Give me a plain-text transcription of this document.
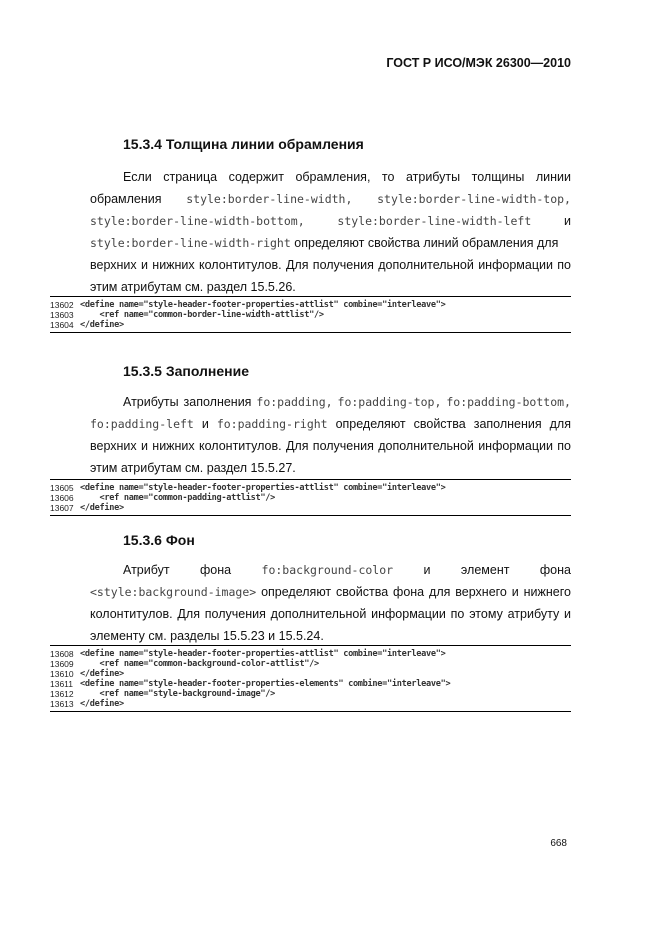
ГОСТ Р ИСО/МЭК 26300—2010
15.3.4 Толщина линии обрамления
Если страница содержит обрамления, то атрибуты толщины линии
обрамления style:border-line-width, style:border-line-width-top,
style:border-line-width-bottom,	style:border-line-width-left	и
style:border-line-width-right определяют свойства линий обрамления для
верхних и нижних колонтитулов. Для получения дополнительной информации по
этим атрибутам см. раздел 15.5.26.
13602 <define name="style-header-footer-properties-attlist" combine="interleave">
13603 <ref name="common-border-line-width-attlist"/>
13604 </define>
15.3.5 Заполнение
Атрибуты заполнения fo:padding, fo:padding-top, fo:padding-bottom,
fo:padding-left и fo:padding-right определяют свойства заполнения для
верхних и нижних колонтитулов. Для получения дополнительной информации по
этим атрибутам см. раздел 15.5.27.
13605 <define name="style-header-footer-properties-attlist" combine="interleave">
13606 <ref name="common-padding-attlist"/>
13607 </define>
15.3.6 Фон
Атрибут фона	fo:background-color и элемент фона
<style:background-image> определяют свойства фона для верхнего и нижнего
колонтитулов. Для получения дополнительной информации по этому атрибуту и
элементу см. разделы 15.5.23 и 15.5.24.
13608 <define name="style-header-footer-properties-attlist" combine="interleave">
13609 <ref name="common-background-color-attlist"/>
13610 </define>
13611 <define name="style-header-footer-properties-elements" combine="interleave">
13612 <ref name="style-background-image"/>
13613 </define>
668
